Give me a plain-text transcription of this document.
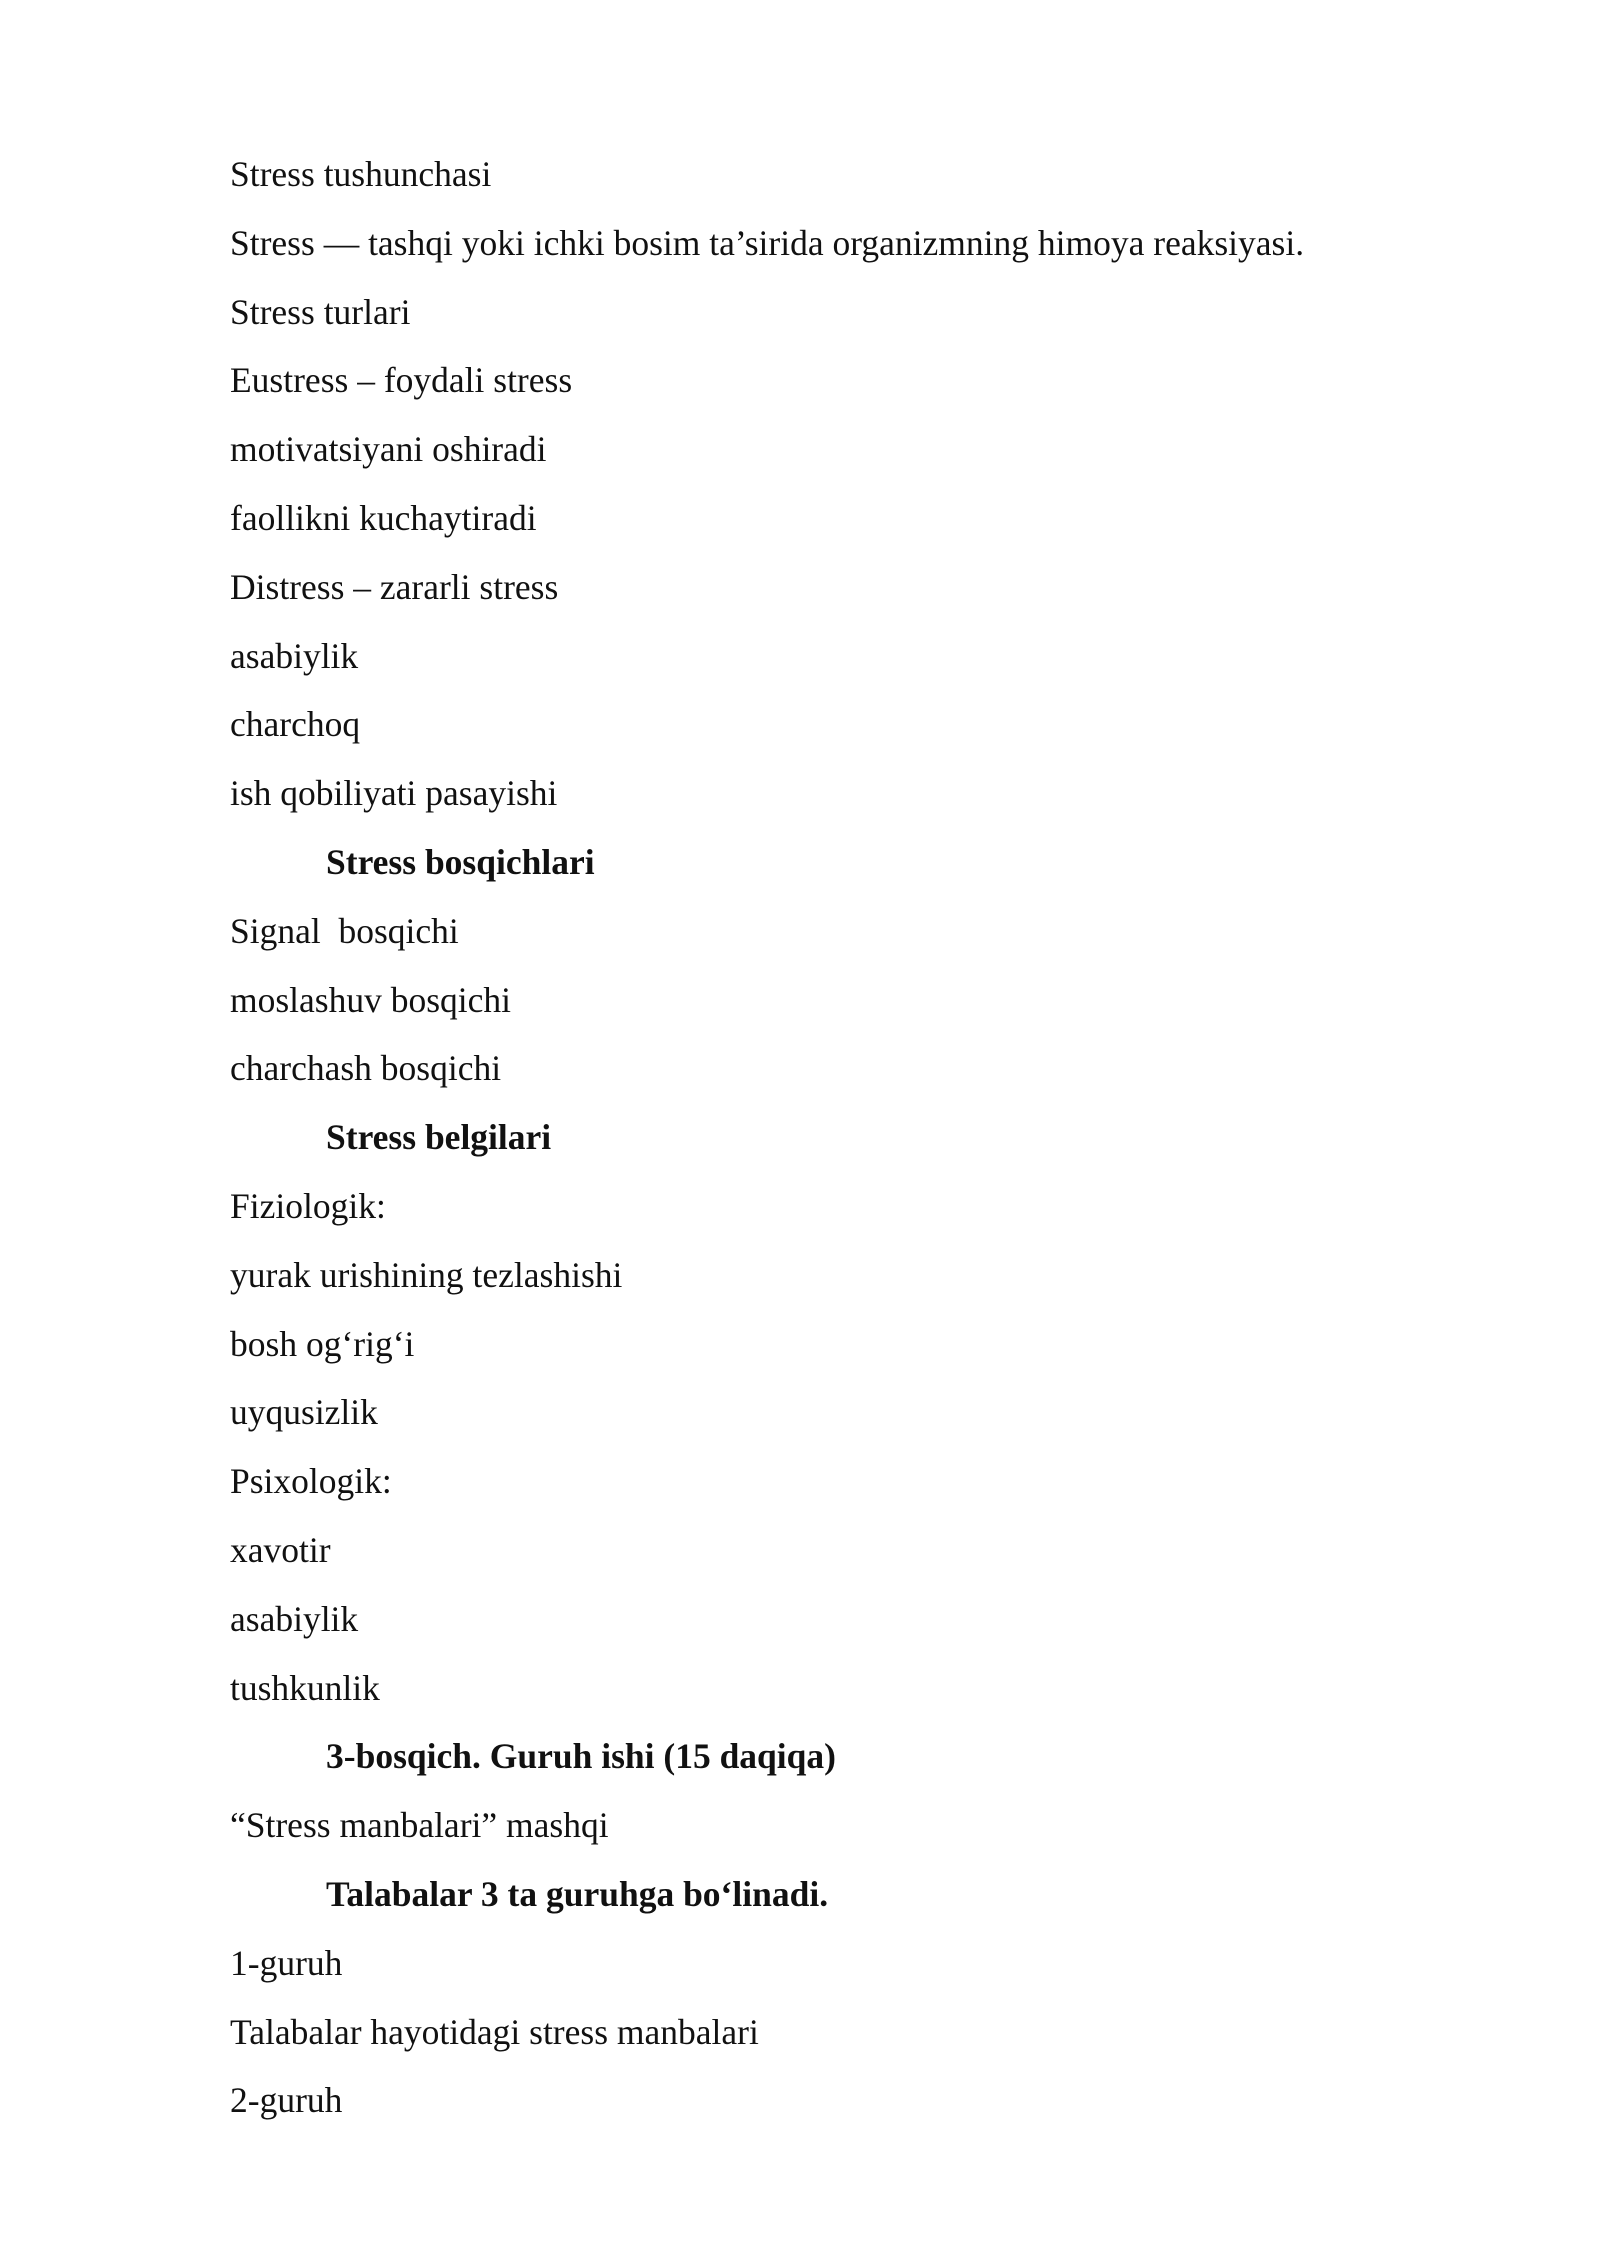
Stress tushunchasi
Stress — tashqi yoki ichki bosim ta’sirida organizmning himoya reaksiyasi.
Stress turlari
Eustress – foydali stress
motivatsiyani oshiradi
faollikni kuchaytiradi
Distress – zararli stress
asabiylik
charchoq
ish qobiliyati pasayishi
Stress bosqichlari
Signal  bosqichi
moslashuv bosqichi
charchash bosqichi
Stress belgilari
Fiziologik:
yurak urishining tezlashishi
bosh og‘rig‘i
uyqusizlik
Psixologik:
xavotir
asabiylik
tushkunlik
3-bosqich. Guruh ishi (15 daqiqa)
“Stress manbalari” mashqi
Talabalar 3 ta guruhga bo‘linadi.
1-guruh
Talabalar hayotidagi stress manbalari
2-guruh
